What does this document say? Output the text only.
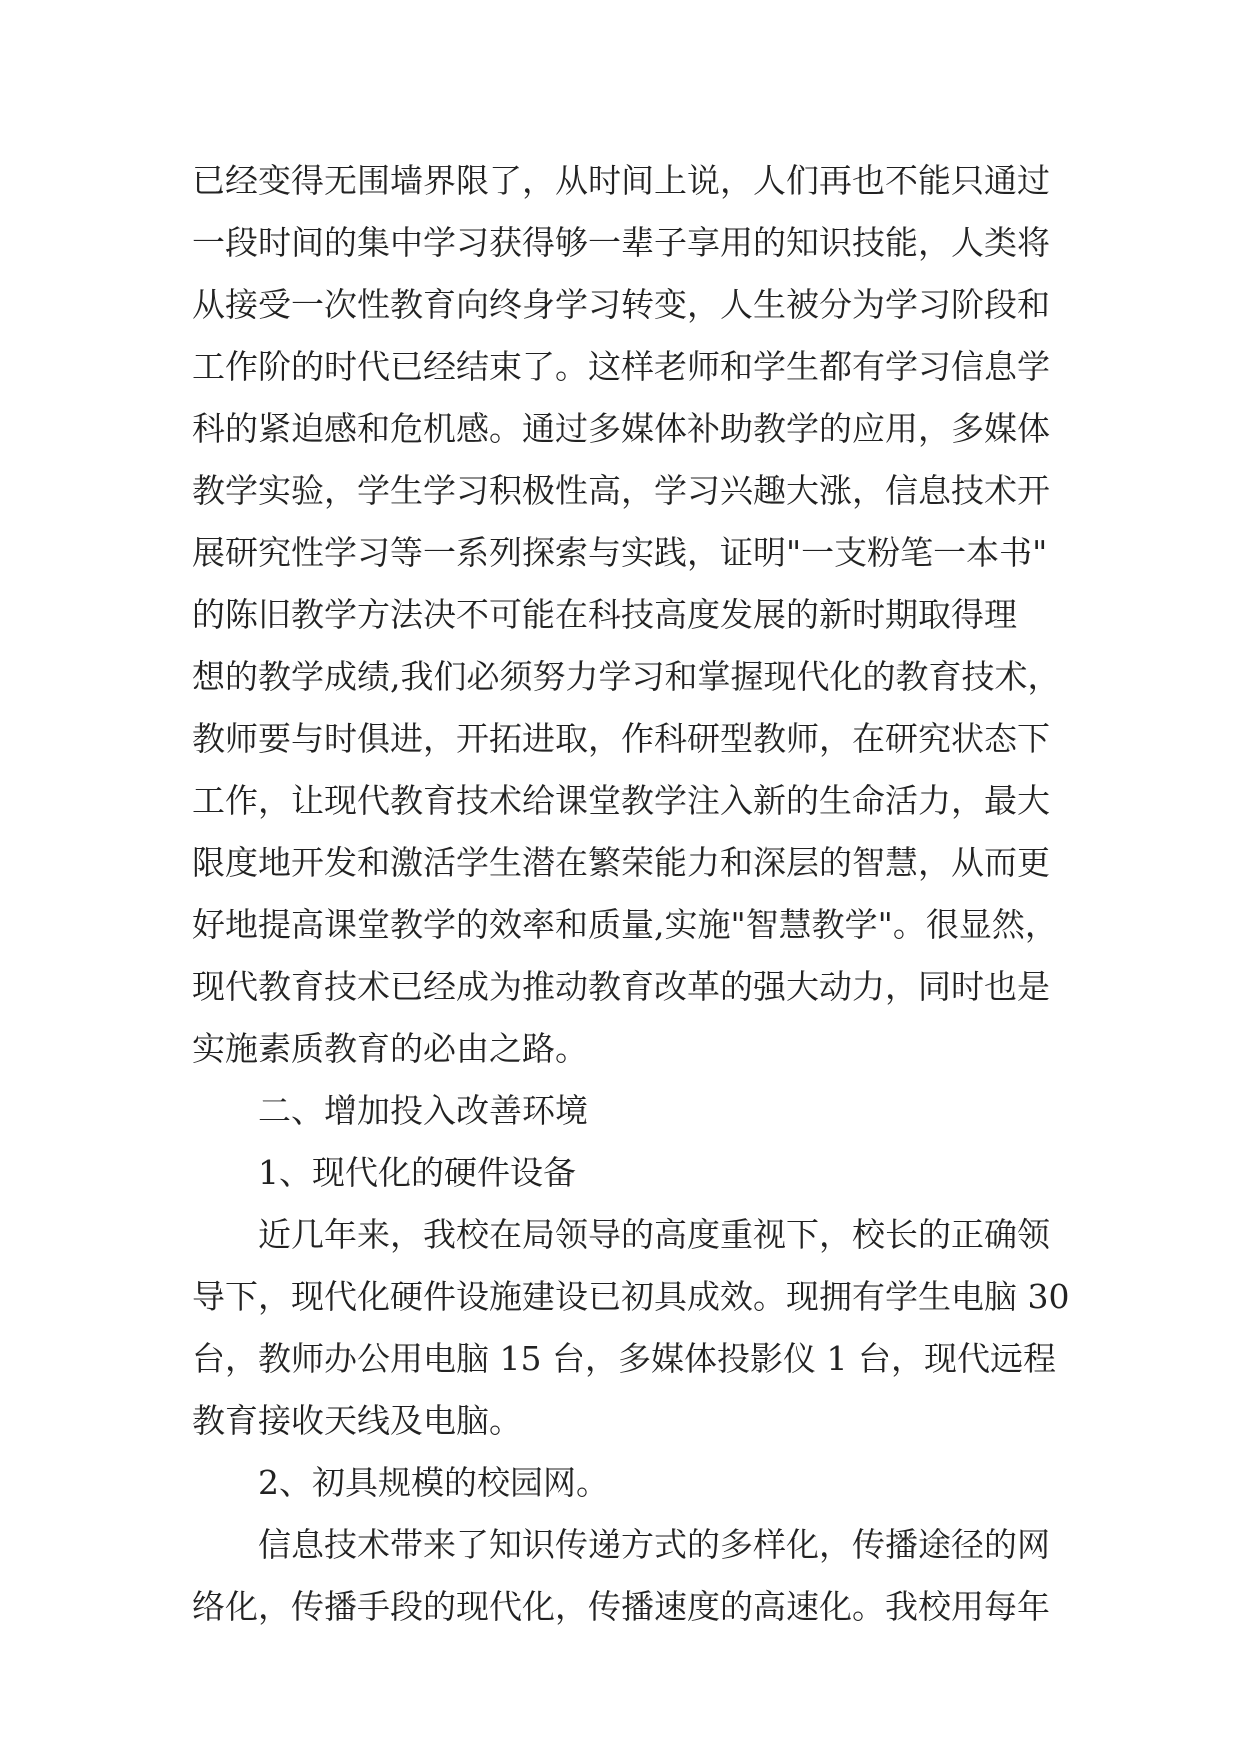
已经变得无围墙界限了，从时间上说，人们再也不能只通过
一段时间的集中学习获得够一辈子享用的知识技能，人类将
从接受一次性教育向终身学习转变，人生被分为学习阶段和
工作阶的时代已经结束了。这样老师和学生都有学习信息学
科的紧迫感和危机感。通过多媒体补助教学的应用，多媒体
教学实验，学生学习积极性高，学习兴趣大涨，信息技术开
展研究性学习等一系列探索与实践，证明"一支粉笔一本书"
的陈旧教学方法决不可能在科技高度发展的新时期取得理
想的教学成绩,我们必须努力学习和掌握现代化的教育技术，
教师要与时俱进，开拓进取，作科研型教师，在研究状态下
工作，让现代教育技术给课堂教学注入新的生命活力，最大
限度地开发和激活学生潜在繁荣能力和深层的智慧，从而更
好地提高课堂教学的效率和质量,实施"智慧教学"。很显然，
现代教育技术已经成为推动教育改革的强大动力，同时也是
实施素质教育的必由之路。
二、增加投入改善环境
1、现代化的硬件设备
近几年来，我校在局领导的高度重视下，校长的正确领
导下，现代化硬件设施建设已初具成效。现拥有学生电脑 30
台，教师办公用电脑 15 台，多媒体投影仪 1 台，现代远程
教育接收天线及电脑。
2、初具规模的校园网。
信息技术带来了知识传递方式的多样化，传播途径的网
络化，传播手段的现代化，传播速度的高速化。我校用每年
